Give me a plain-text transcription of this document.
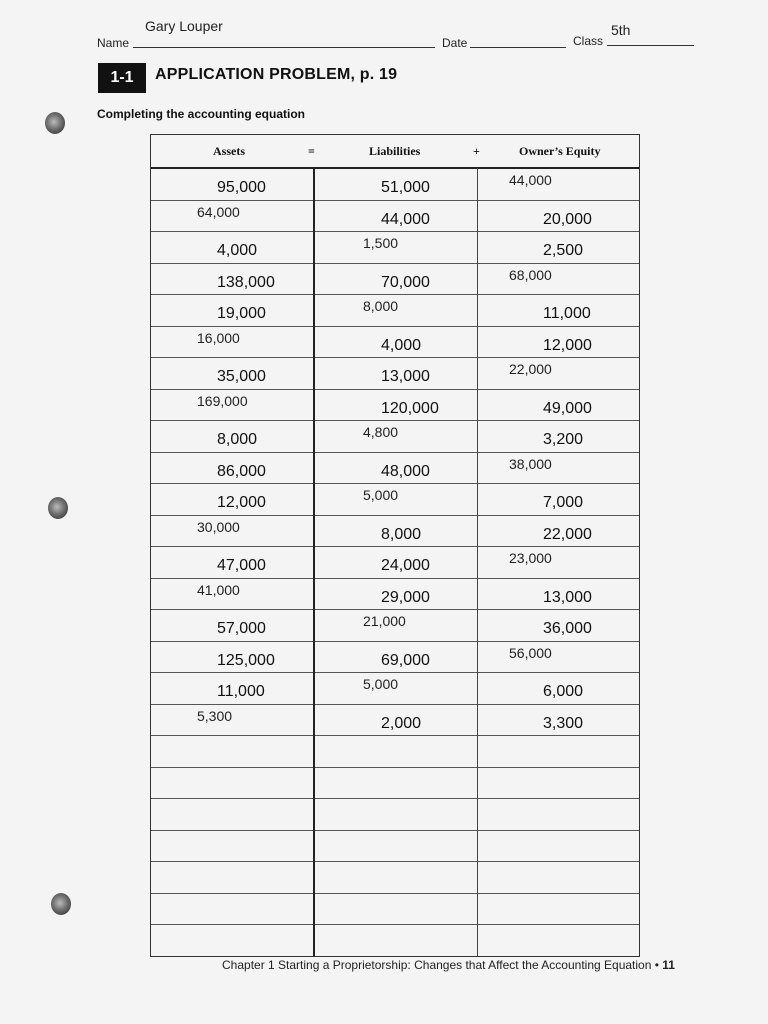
Gary Louper
Name	Date
5th
Class
1-1	APPLICATION PROBLEM, p. 19
Completing the accounting equation
Assets	=	Liabilities	+	Owner’s Equity
95,000	51,000	44,000
64,000	44,000	20,000
4,000	1,500	2,500
138,000	70,000	68,000
19,000	8,000	11,000
16,000	4,000	12,000
35,000	13,000	22,000
169,000	120,000	49,000
8,000	4,800	3,200
86,000	48,000	38,000
12,000	5,000	7,000
30,000	8,000	22,000
47,000	24,000	23,000
41,000	29,000	13,000
57,000	21,000	36,000
125,000	69,000	56,000
11,000	5,000	6,000
5,300	2,000	3,300
Chapter 1 Starting a Proprietorship: Changes that Affect the Accounting Equation • 11
